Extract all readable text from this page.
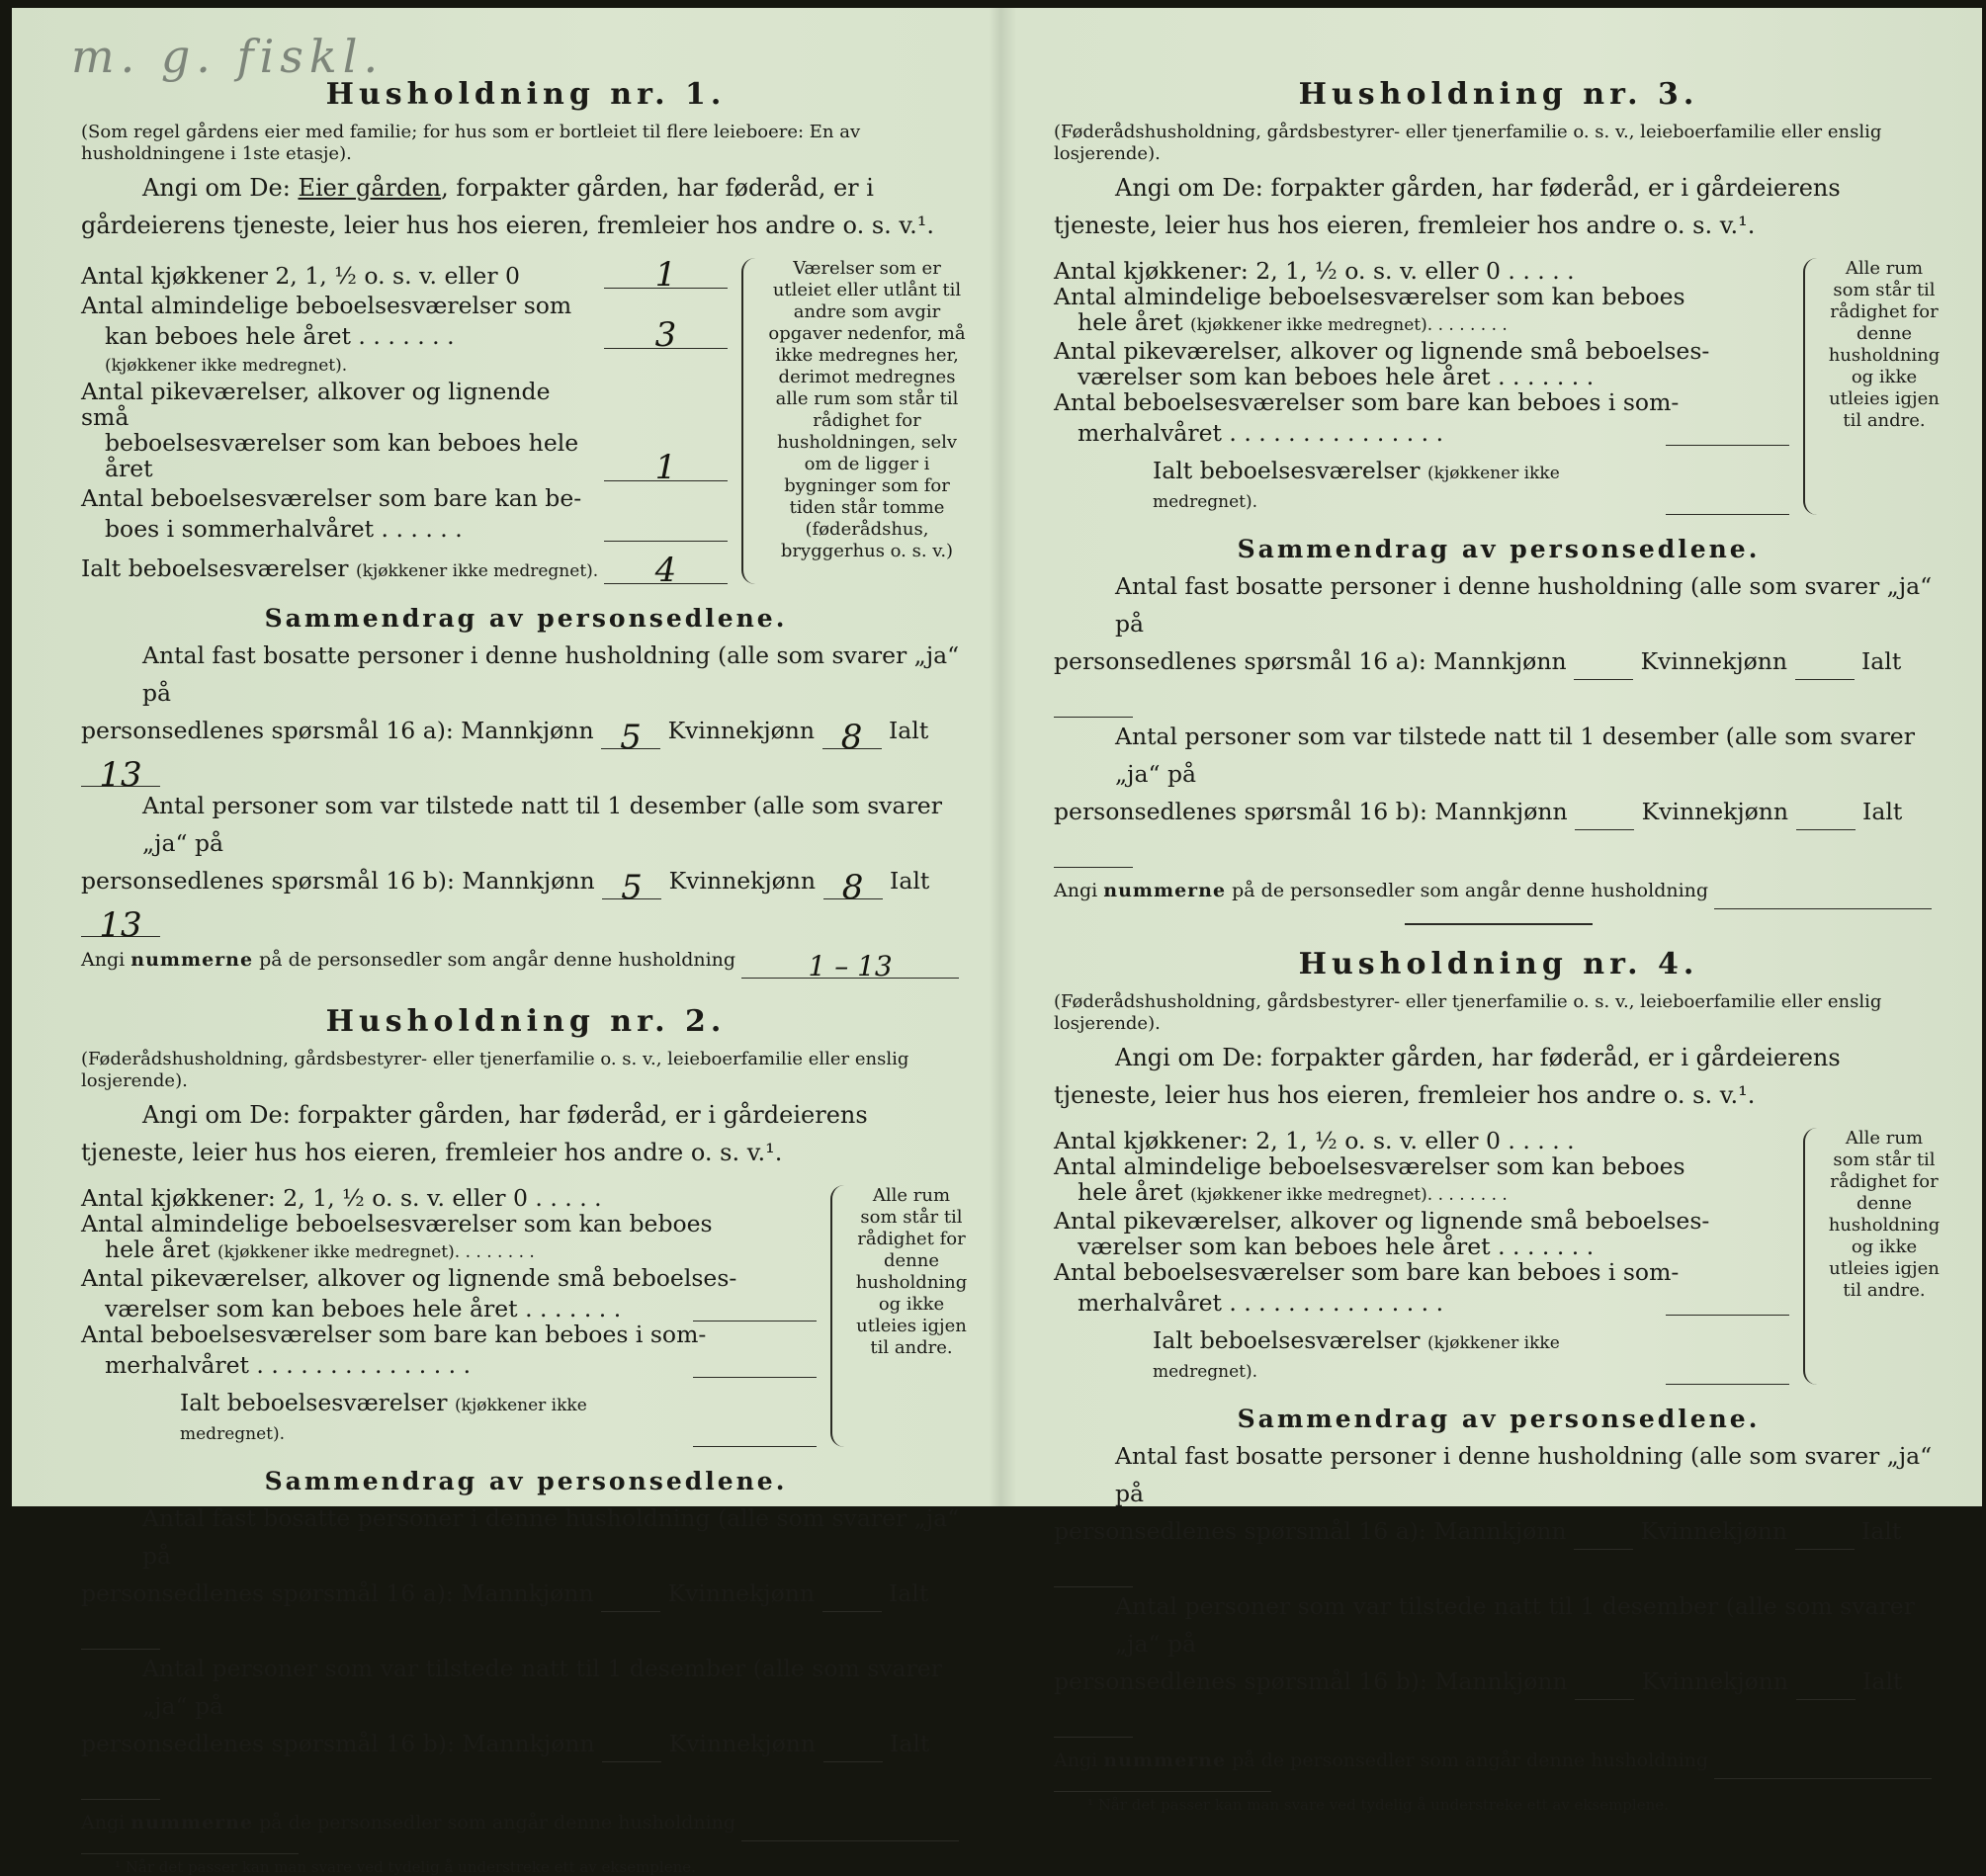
m. g. fiskl.
Husholdning nr. 1.
(Som regel gårdens eier med familie; for hus som er bortleiet til flere leieboere: En av husholdningene i 1ste etasje).
Angi om De: Eier gården, forpakter gården, har føderåd, er i gårdeierens tjeneste, leier hus hos eieren, fremleier hos andre o. s. v.¹.
Antal kjøkkener 2, 1, ½ o. s. v. eller 0	1
Antal almindelige beboelsesværelser som
kan beboes hele året . . . . . . .	3
(kjøkkener ikke medregnet).
Antal pikeværelser, alkover og lignende små
beboelsesværelser som kan beboes hele året	1
Antal beboelsesværelser som bare kan be-
boes i sommerhalvåret . . . . . .
Ialt beboelsesværelser (kjøkkener ikke medregnet).	4
Værelser som er utleiet eller utlånt til andre som avgir opgaver nedenfor, må ikke medregnes her, derimot medregnes alle rum som står til rådighet for husholdningen, selv om de ligger i bygninger som for tiden står tomme (føderådshus, bryggerhus o. s. v.)
Sammendrag av personsedlene.
Antal fast bosatte personer i denne husholdning (alle som svarer „ja“ på
personsedlenes spørsmål 16 a): Mannkjønn 5 Kvinnekjønn 8 Ialt 13
Antal personer som var tilstede natt til 1 desember (alle som svarer „ja“ på
personsedlenes spørsmål 16 b): Mannkjønn 5 Kvinnekjønn 8 Ialt 13
Angi nummerne på de personsedler som angår denne husholdning	1 – 13
Husholdning nr. 2.
(Føderådshusholdning, gårdsbestyrer- eller tjenerfamilie o. s. v., leieboerfamilie eller enslig losjerende).
Angi om De: forpakter gården, har føderåd, er i gårdeierens tjeneste, leier hus hos eieren, fremleier hos andre o. s. v.¹.
Antal kjøkkener: 2, 1, ½ o. s. v. eller 0 . . . . .
Antal almindelige beboelsesværelser som kan beboes
hele året (kjøkkener ikke medregnet). . . . . . . .
Antal pikeværelser, alkover og lignende små beboelses-
værelser som kan beboes hele året . . . . . . .
Antal beboelsesværelser som bare kan beboes i som-
merhalvåret . . . . . . . . . . . . . . .
Ialt beboelsesværelser (kjøkkener ikke medregnet).
Alle rum som står til rådighet for denne husholdning og ikke utleies igjen til andre.
Sammendrag av personsedlene.
Antal fast bosatte personer i denne husholdning (alle som svarer „ja“ på
personsedlenes spørsmål 16 a): Mannkjønn	Kvinnekjønn	Ialt
Antal personer som var tilstede natt til 1 desember (alle som svarer „ja“ på
personsedlenes spørsmål 16 b): Mannkjønn	Kvinnekjønn	Ialt
Angi nummerne på de personsedler som angår denne husholdning
¹ Når det passer kan man svare ved tydelig å understreke ett av eksemplene.
Husholdning nr. 3.
(Føderådshusholdning, gårdsbestyrer- eller tjenerfamilie o. s. v., leieboerfamilie eller enslig losjerende).
Angi om De: forpakter gården, har føderåd, er i gårdeierens tjeneste, leier hus hos eieren, fremleier hos andre o. s. v.¹.
Antal kjøkkener: 2, 1, ½ o. s. v. eller 0 . . . . .
Antal almindelige beboelsesværelser som kan beboes
hele året (kjøkkener ikke medregnet). . . . . . . .
Antal pikeværelser, alkover og lignende små beboelses-
værelser som kan beboes hele året . . . . . . .
Antal beboelsesværelser som bare kan beboes i som-
merhalvåret . . . . . . . . . . . . . . .
Ialt beboelsesværelser (kjøkkener ikke medregnet).
Alle rum som står til rådighet for denne husholdning og ikke utleies igjen til andre.
Sammendrag av personsedlene.
Antal fast bosatte personer i denne husholdning (alle som svarer „ja“ på
personsedlenes spørsmål 16 a): Mannkjønn	Kvinnekjønn	Ialt
Antal personer som var tilstede natt til 1 desember (alle som svarer „ja“ på
personsedlenes spørsmål 16 b): Mannkjønn	Kvinnekjønn	Ialt
Angi nummerne på de personsedler som angår denne husholdning
Husholdning nr. 4.
(Føderådshusholdning, gårdsbestyrer- eller tjenerfamilie o. s. v., leieboerfamilie eller enslig losjerende).
Angi om De: forpakter gården, har føderåd, er i gårdeierens tjeneste, leier hus hos eieren, fremleier hos andre o. s. v.¹.
Antal kjøkkener: 2, 1, ½ o. s. v. eller 0 . . . . .
Antal almindelige beboelsesværelser som kan beboes
hele året (kjøkkener ikke medregnet). . . . . . . .
Antal pikeværelser, alkover og lignende små beboelses-
værelser som kan beboes hele året . . . . . . .
Antal beboelsesværelser som bare kan beboes i som-
merhalvåret . . . . . . . . . . . . . . .
Ialt beboelsesværelser (kjøkkener ikke medregnet).
Alle rum som står til rådighet for denne husholdning og ikke utleies igjen til andre.
Sammendrag av personsedlene.
Antal fast bosatte personer i denne husholdning (alle som svarer „ja“ på
personsedlenes spørsmål 16 a): Mannkjønn	Kvinnekjønn	Ialt
Antal personer som var tilstede natt til 1 desember (alle som svarer „ja“ på
personsedlenes spørsmål 16 b): Mannkjønn	Kvinnekjønn	Ialt
Angi nummerne på de personsedler som angår denne husholdning
¹ Når det passer kan man svare ved tydelig å understreke ett av eksemplene.
